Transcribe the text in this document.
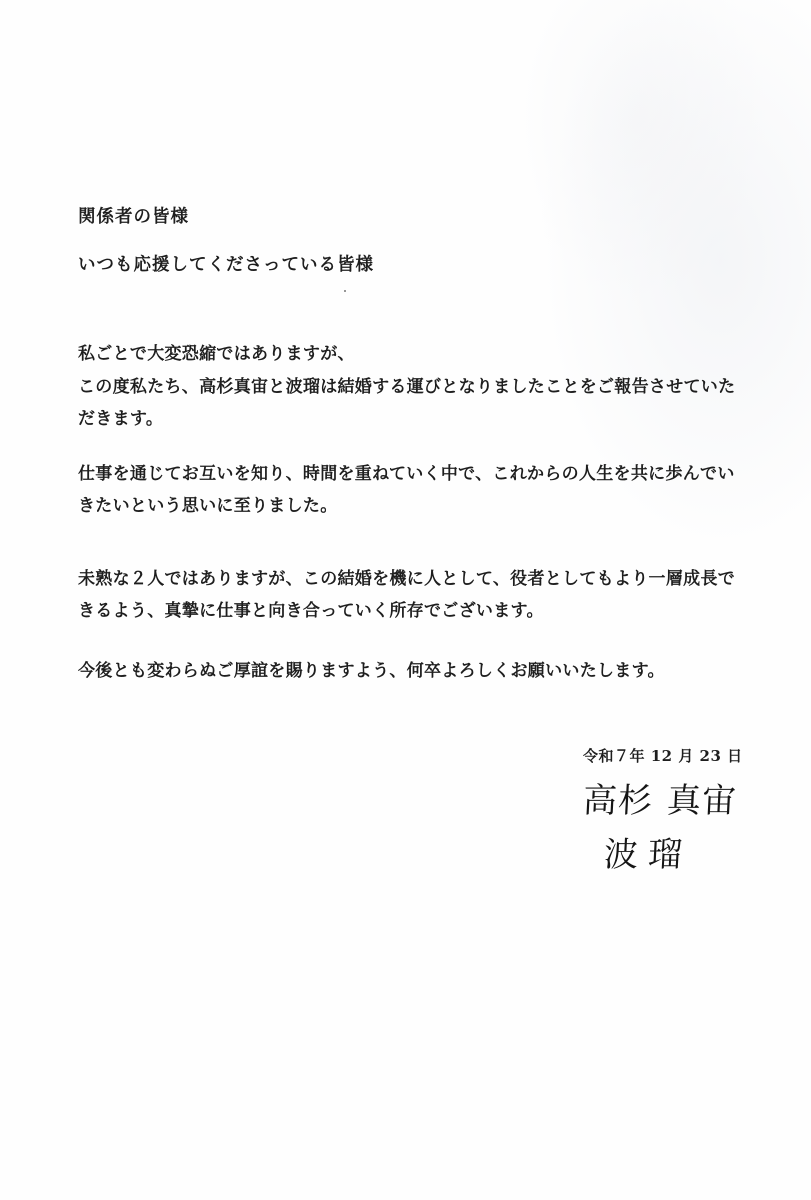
関係者の皆様
いつも応援してくださっている皆様
私ごとで大変恐縮ではありますが、
この度私たち、高杉真宙と波瑠は結婚する運びとなりましたことをご報告させていた
だきます。
仕事を通じてお互いを知り、時間を重ねていく中で、これからの人生を共に歩んでい
きたいという思いに至りました。
未熟な２人ではありますが、この結婚を機に人として、役者としてもより一層成長で
きるよう、真摯に仕事と向き合っていく所存でございます。
今後とも変わらぬご厚誼を賜りますよう、何卒よろしくお願いいたします。
令和７年 12 月 23 日
高杉 真宙
波瑠
